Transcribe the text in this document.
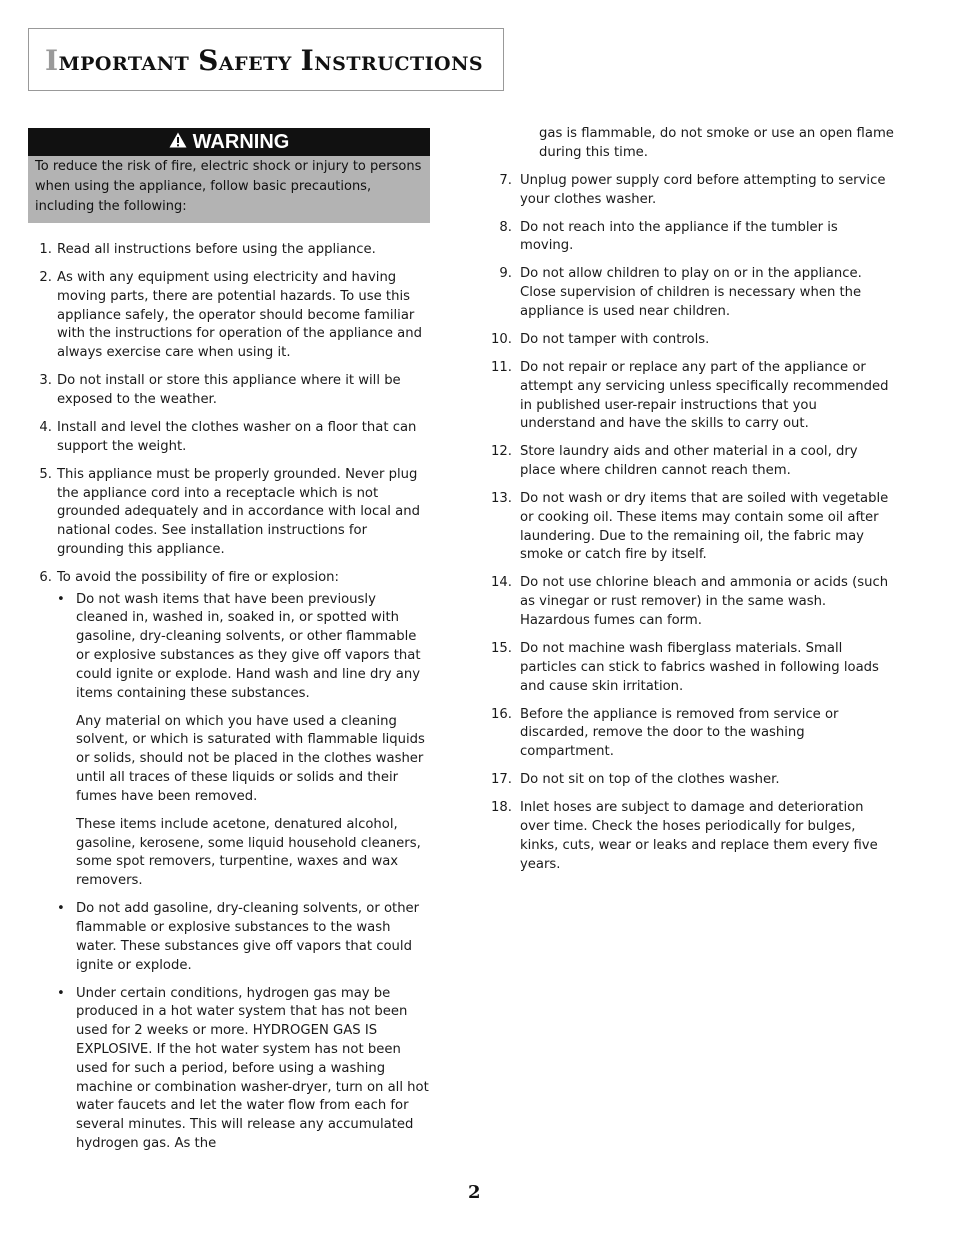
IMPORTANT SAFETY INSTRUCTIONS
WARNING
To reduce the risk of fire, electric shock or injury to persons when using the appliance, follow basic precautions, including the following:
1. Read all instructions before using the appliance.
2. As with any equipment using electricity and having moving parts, there are potential hazards. To use this appliance safely, the operator should become familiar with the instructions for operation of the appliance and always exercise care when using it.
3. Do not install or store this appliance where it will be exposed to the weather.
4. Install and level the clothes washer on a floor that can support the weight.
5. This appliance must be properly grounded. Never plug the appliance cord into a receptacle which is not grounded adequately and in accordance with local and national codes. See installation instructions for grounding this appliance.
6. To avoid the possibility of fire or explosion:
• Do not wash items that have been previously cleaned in, washed in, soaked in, or spotted with gasoline, dry-cleaning solvents, or other flammable or explosive substances as they give off vapors that could ignite or explode. Hand wash and line dry any items containing these substances.
Any material on which you have used a cleaning solvent, or which is saturated with flammable liquids or solids, should not be placed in the clothes washer until all traces of these liquids or solids and their fumes have been removed.
These items include acetone, denatured alcohol, gasoline, kerosene, some liquid household cleaners, some spot removers, turpentine, waxes and wax removers.
• Do not add gasoline, dry-cleaning solvents, or other flammable or explosive substances to the wash water. These substances give off vapors that could ignite or explode.
• Under certain conditions, hydrogen gas may be produced in a hot water system that has not been used for 2 weeks or more. HYDROGEN GAS IS EXPLOSIVE. If the hot water system has not been used for such a period, before using a washing machine or combination washer-dryer, turn on all hot water faucets and let the water flow from each for several minutes. This will release any accumulated hydrogen gas. As the
gas is flammable, do not smoke or use an open flame during this time.
7. Unplug power supply cord before attempting to service your clothes washer.
8. Do not reach into the appliance if the tumbler is moving.
9. Do not allow children to play on or in the appliance. Close supervision of children is necessary when the appliance is used near children.
10. Do not tamper with controls.
11. Do not repair or replace any part of the appliance or attempt any servicing unless specifically recommended in published user-repair instructions that you understand and have the skills to carry out.
12. Store laundry aids and other material in a cool, dry place where children cannot reach them.
13. Do not wash or dry items that are soiled with vegetable or cooking oil. These items may contain some oil after laundering. Due to the remaining oil, the fabric may smoke or catch fire by itself.
14. Do not use chlorine bleach and ammonia or acids (such as vinegar or rust remover) in the same wash. Hazardous fumes can form.
15. Do not machine wash fiberglass materials. Small particles can stick to fabrics washed in following loads and cause skin irritation.
16. Before the appliance is removed from service or discarded, remove the door to the washing compartment.
17. Do not sit on top of the clothes washer.
18. Inlet hoses are subject to damage and deterioration over time. Check the hoses periodically for bulges, kinks, cuts, wear or leaks and replace them every five years.
2
